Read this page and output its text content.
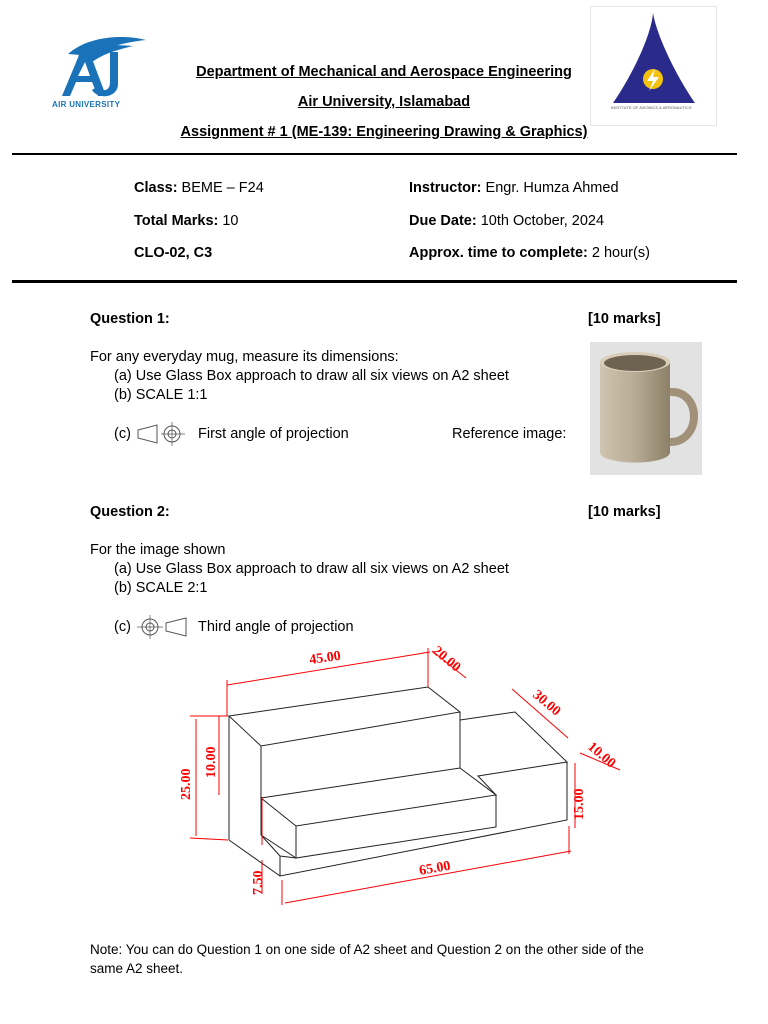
AIR UNIVERSITY	INSTITUTE OF AVIONICS & AERONAUTICS
Department of Mechanical and Aerospace Engineering
Air University, Islamabad
Assignment # 1 (ME-139: Engineering Drawing & Graphics)
Class: BEME – F24
Total Marks: 10
CLO-02, C3
Instructor: Engr. Humza Ahmed
Due Date: 10th October, 2024
Approx. time to complete: 2 hour(s)
Question 1:	[10 marks]
For any everyday mug, measure its dimensions:
(a) Use Glass Box approach to draw all six views on A2 sheet
(b) SCALE 1:1
(c)	First angle of projection	Reference image:
Question 2:	[10 marks]
For the image shown
(a) Use Glass Box approach to draw all six views on A2 sheet
(b) SCALE 2:1
(c)	Third angle of projection
45.00	20.00
30.00
10.00
25.00
10.00
15.00
65.00
7.50
Note: You can do Question 1 on one side of A2 sheet and Question 2 on the other side of the same A2 sheet.
